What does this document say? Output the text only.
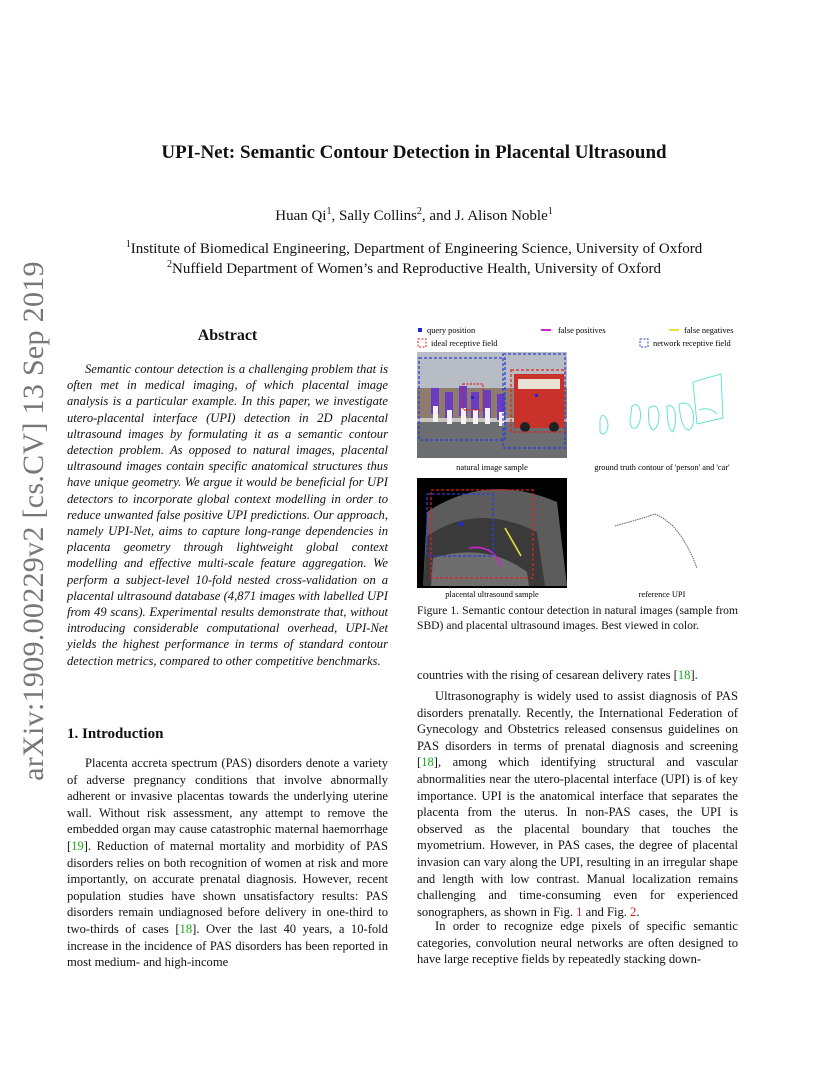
arXiv:1909.00229v2 [cs.CV] 13 Sep 2019
UPI-Net: Semantic Contour Detection in Placental Ultrasound
Huan Qi$^1$, Sally Collins$^2$, and J. Alison Noble$^1$
$^1$Institute of Biomedical Engineering, Department of Engineering Science, University of Oxford
$^2$Nuffield Department of Women’s and Reproductive Health, University of Oxford
Abstract

Semantic contour detection is a challenging problem that is often met in medical imaging, of which placental image analysis is a particular example. In this paper, we investigate utero-placental interface (UPI) detection in 2D placental ultrasound images by formulating it as a semantic contour detection problem. As opposed to natural images, placental ultrasound images contain specific anatomical structures thus have unique geometry. We argue it would be beneficial for UPI detectors to incorporate global context modelling in order to reduce unwanted false positive UPI predictions. Our approach, namely UPI-Net, aims to capture long-range dependencies in placenta geometry through lightweight global context modelling and effective multi-scale feature aggregation. We perform a subject-level 10-fold nested cross-validation on a placental ultrasound database (4,871 images with labelled UPI from 49 scans). Experimental results demonstrate that, without introducing considerable computational overhead, UPI-Net yields the highest performance in terms of standard contour detection metrics, compared to other competitive benchmarks.

1. Introduction

Placenta accreta spectrum (PAS) disorders denote a variety of adverse pregnancy conditions that involve abnormally adherent or invasive placentas towards the underlying uterine wall. Without risk assessment, any attempt to remove the embedded organ may cause catastrophic maternal haemorrhage [19]. Reduction of maternal mortality and morbidity of PAS disorders relies on both recognition of women at risk and more importantly, on accurate prenatal diagnosis. However, recent population studies have shown unsatisfactory results: PAS disorders remain undiagnosed before delivery in one-third to two-thirds of cases [18]. Over the last 40 years, a 10-fold increase in the incidence of PAS disorders has been reported in most medium- and high-income

query position	false positives	false negatives
ideal receptive field	network receptive field
natural image sample	ground truth contour of 'person' and 'car'
placental ultrasound sample	reference UPI

Figure 1. Semantic contour detection in natural images (sample from SBD) and placental ultrasound images. Best viewed in color.

countries with the rising of cesarean delivery rates [18].

Ultrasonography is widely used to assist diagnosis of PAS disorders prenatally. Recently, the International Federation of Gynecology and Obstetrics released consensus guidelines on PAS disorders in terms of prenatal diagnosis and screening [18], among which identifying structural and vascular abnormalities near the utero-placental interface (UPI) is of key importance. UPI is the anatomical interface that separates the placenta from the uterus. In non-PAS cases, the UPI is observed as the placental boundary that touches the myometrium. However, in PAS cases, the degree of placental invasion can vary along the UPI, resulting in an irregular shape and length with low contrast. Manual localization remains challenging and time-consuming even for experienced sonographers, as shown in Fig. 1 and Fig. 2.

In order to recognize edge pixels of specific semantic categories, convolution neural networks are often designed to have large receptive fields by repeatedly stacking down-
